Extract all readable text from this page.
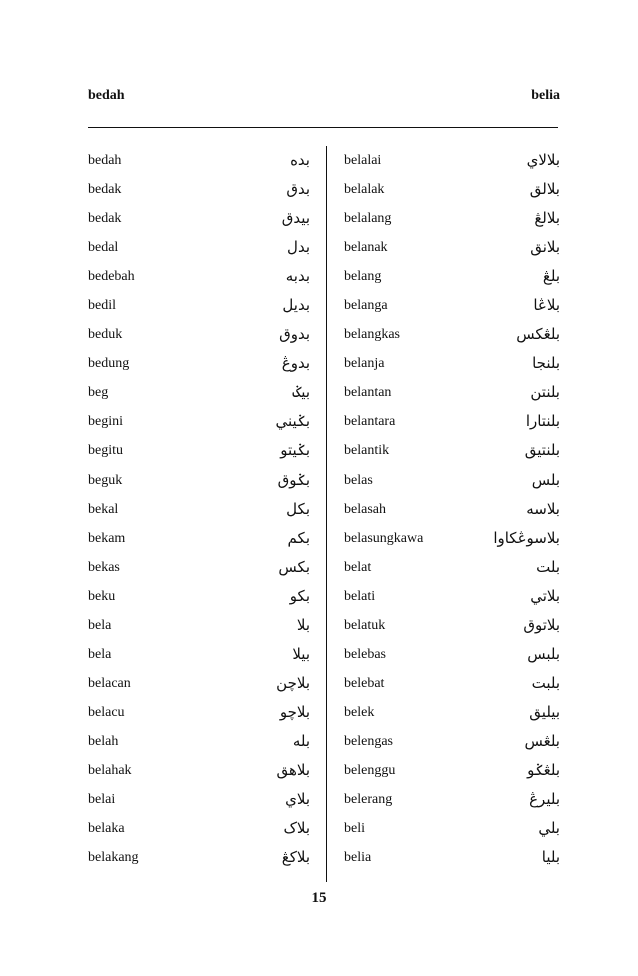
bedah	belia
bedah	بده
bedak	بدق
bedak	بيدق
bedal	بدل
bedebah	بدبه
bedil	بديل
beduk	بدوق
bedung	بدوڠ
beg	بيݢ
begini	بݢيني
begitu	بݢيتو
beguk	بݢوق
bekal	بکل
bekam	بکم
bekas	بکس
beku	بکو
bela	بلا
bela	بيلا
belacan	بلاچن
belacu	بلاچو
belah	بله
belahak	بلاهق
belai	بلاي
belaka	بلاک
belakang	بلاکڠ
belalai	بلالاي
belalak	بلالق
belalang	بلالڠ
belanak	بلانق
belang	بلڠ
belanga	بلاڠا
belangkas	بلڠکس
belanja	بلنجا
belantan	بلنتن
belantara	بلنتارا
belantik	بلنتيق
belas	بلس
belasah	بلاسه
belasungkawa	بلاسوڠکاوا
belat	بلت
belati	بلاتي
belatuk	بلاتوق
belebas	بلبس
belebat	بلبت
belek	بيليق
belengas	بلڠس
belenggu	بلڠݢو
belerang	بليرڠ
beli	بلي
belia	بليا
15
